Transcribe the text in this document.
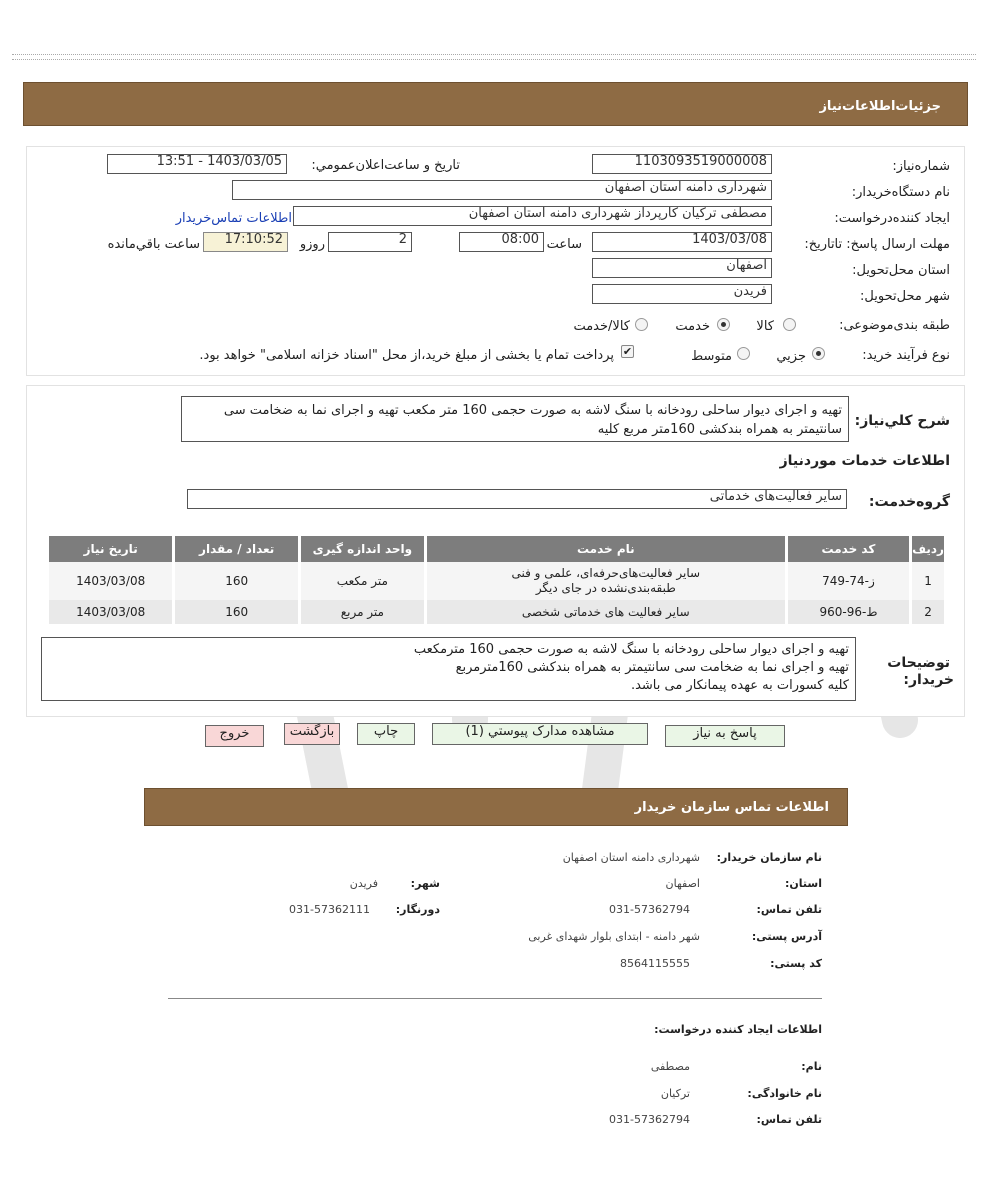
جزئیات‌اطلاعات‌نیاز
شماره‌نیاز:
1103093519000008
تاریخ و ساعت‌اعلان‌عمومي:
1403/03/05 - 13:51
نام دستگاه‌خریدار:
شهرداری دامنه استان اصفهان
ایجاد کننده‌درخواست:
مصطفی ترکیان کارپرداز شهرداری دامنه استان اصفهان
اطلاعات تماس‌خریدار
مهلت ارسال پاسخ: تاتاریخ:
1403/03/08
ساعت
08:00
2
روزو
17:10:52
ساعت باقي‌مانده
استان محل‌تحویل:
اصفهان
شهر محل‌تحویل:
فریدن
طبقه بندی‌موضوعی:
کالا
خدمت
کالا/خدمت
نوع فرآیند خرید:
جزيي
متوسط
✔
پرداخت تمام یا بخشی از مبلغ خرید،از محل "اسناد خزانه اسلامی" خواهد بود.
شرح کلي‌نياز:
تهیه و اجرای دیوار ساحلی رودخانه با سنگ لاشه به صورت حجمی 160 متر مکعب تهیه و اجرای نما به ضخامت سی سانتیمتر به همراه بندکشی 160متر مربع کلیه
اطلاعات خدمات مورد‌نیاز
گروه‌خدمت:
سایر فعالیت‌های خدماتی
ردیف	کد خدمت	نام خدمت	واحد اندازه گیری	تعداد / مقدار	تاریخ نیاز
1	ز-74-749	سایر فعالیت‌های‌حرفه‌ای، علمی و فنی
طبقه‌بندی‌نشده در جای دیگر	متر مکعب	160	1403/03/08
2	ط-96-960	سایر فعالیت های خدماتی شخصی	متر مربع	160	1403/03/08
توضیحات
خریدار:
تهیه و اجرای دیوار ساحلی رودخانه با سنگ لاشه به صورت حجمی 160 مترمکعب
تهیه و اجرای نما به ضخامت سی سانتیمتر به همراه بندکشی 160مترمربع
کلیه کسورات به عهده پیمانکار می باشد.
پاسخ به نیاز
مشاهده مدارک پیوستي (1)
چاپ
بازگشت
خروج
اطلاعات تماس سازمان خریدار
نام سازمان خریدار:
شهرداری دامنه استان اصفهان
استان:
اصفهان
شهر:
فریدن
تلفن تماس:
031-57362794
دورنگار:
031-57362111
آدرس پستی:
شهر دامنه - ابتدای بلوار شهدای غربی
کد پستی:
8564115555
اطلاعات ایجاد کننده درخواست:
نام:
مصطفی
نام خانوادگی:
ترکیان
تلفن تماس:
031-57362794
